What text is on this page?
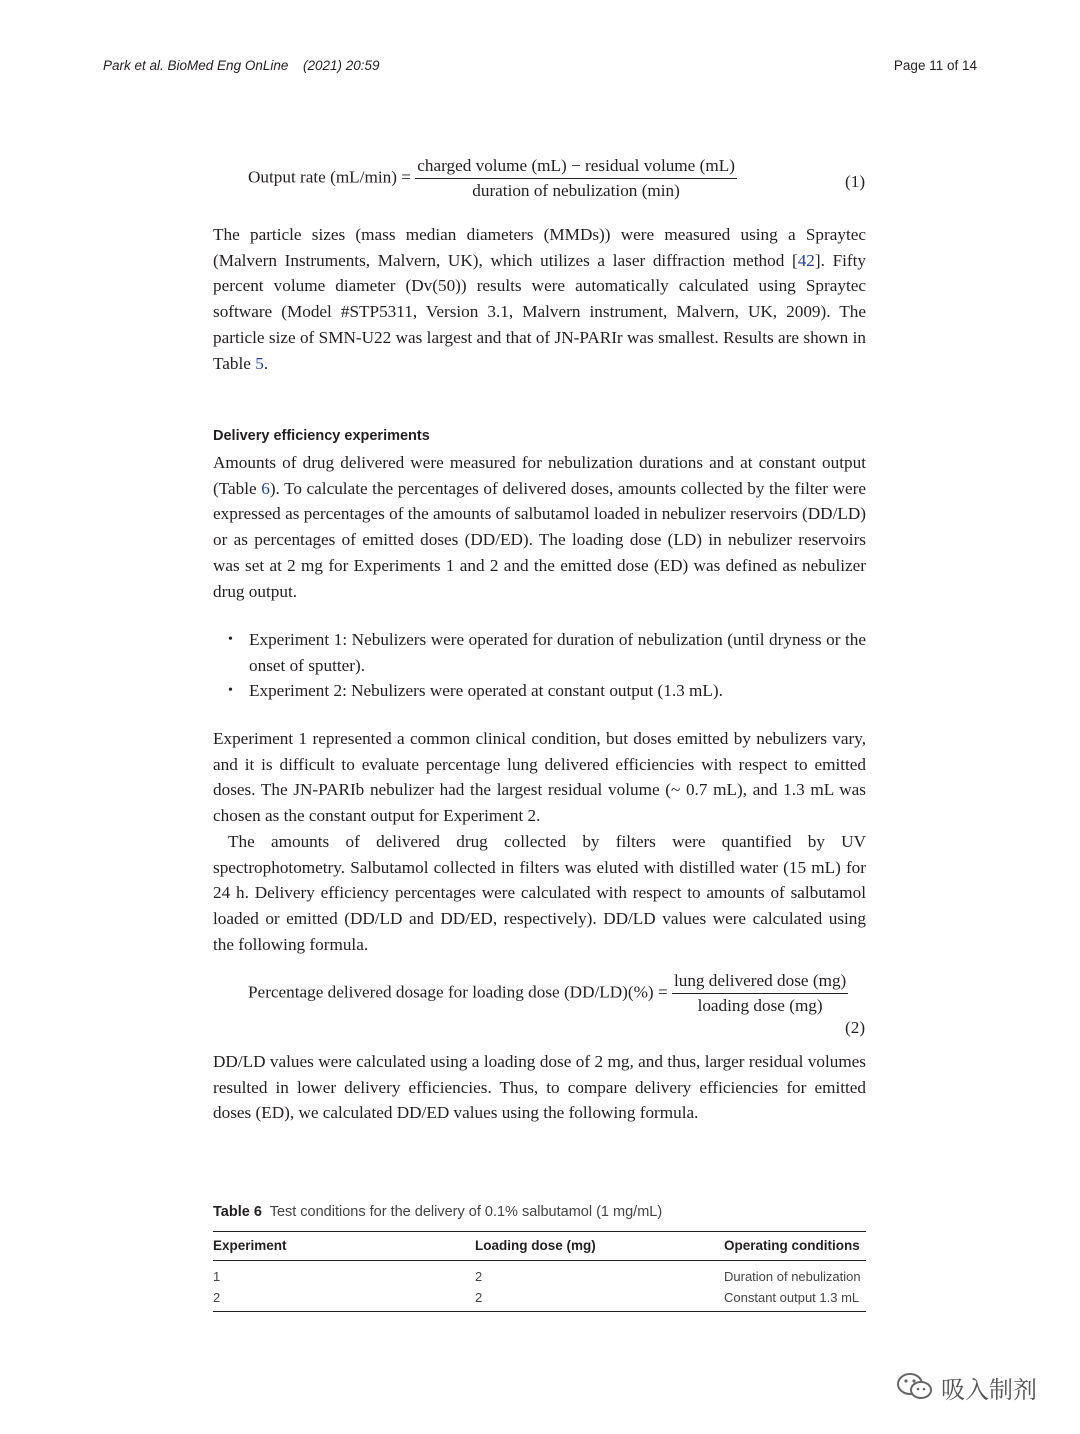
Park et al. BioMed Eng OnLine (2021) 20:59	Page 11 of 14
Output rate $(mL/\min) = \frac{\text{charged volume (mL) − residual volume (mL)}}{\text{duration of nebulization (min)}}$	(1)

The particle sizes (mass median diameters (MMDs)) were measured using a Spraytec (Malvern Instruments, Malvern, UK), which utilizes a laser diffraction method [42]. Fifty percent volume diameter (Dv(50)) results were automatically calculated using Spraytec software (Model #STP5311, Version 3.1, Malvern instrument, Malvern, UK, 2009). The particle size of SMN-U22 was largest and that of JN-PARIr was smallest. Results are shown in Table 5.

Delivery efficiency experiments

Amounts of drug delivered were measured for nebulization durations and at constant output (Table 6). To calculate the percentages of delivered doses, amounts collected by the filter were expressed as percentages of the amounts of salbutamol loaded in nebulizer reservoirs (DD/LD) or as percentages of emitted doses (DD/ED). The loading dose (LD) in nebulizer reservoirs was set at 2 mg for Experiments 1 and 2 and the emitted dose (ED) was defined as nebulizer drug output.

• Experiment 1: Nebulizers were operated for duration of nebulization (until dryness or the onset of sputter).
• Experiment 2: Nebulizers were operated at constant output (1.3 mL).

Experiment 1 represented a common clinical condition, but doses emitted by nebulizers vary, and it is difficult to evaluate percentage lung delivered efficiencies with respect to emitted doses. The JN-PARIb nebulizer had the largest residual volume (~ 0.7 mL), and 1.3 mL was chosen as the constant output for Experiment 2.

The amounts of delivered drug collected by filters were quantified by UV spectrophotometry. Salbutamol collected in filters was eluted with distilled water (15 mL) for 24 h. Delivery efficiency percentages were calculated with respect to amounts of salbutamol loaded or emitted (DD/LD and DD/ED, respectively). DD/LD values were calculated using the following formula.

Percentage delivered dosage for loading dose $(DD/LD)(\%) = \frac{\text{lung delivered dose (mg)}}{\text{loading dose (mg)}}$
(2)

DD/LD values were calculated using a loading dose of 2 mg, and thus, larger residual volumes resulted in lower delivery efficiencies. Thus, to compare delivery efficiencies for emitted doses (ED), we calculated DD/ED values using the following formula.

Table 6 Test conditions for the delivery of 0.1% salbutamol (1 mg/mL)
Experiment	Loading dose (mg)	Operating conditions
1	2	Duration of nebulization
2	2	Constant output 1.3 mL
吸入制剂
